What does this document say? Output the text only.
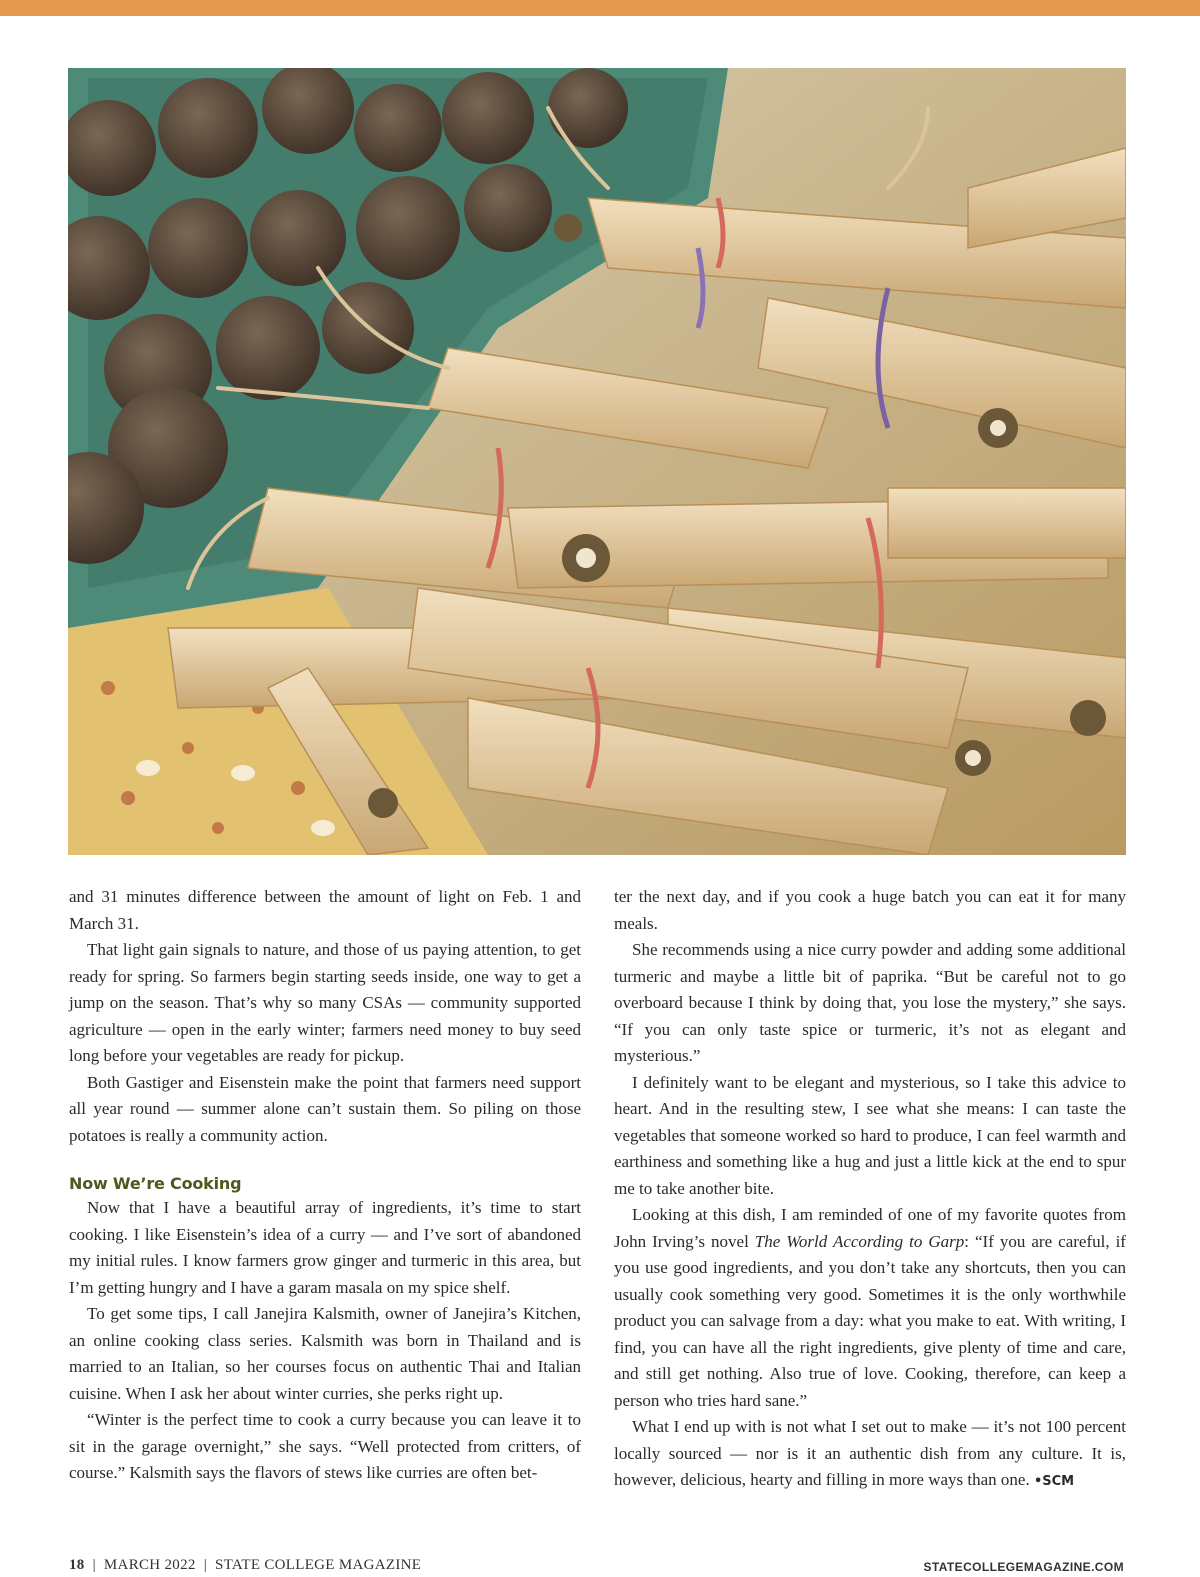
and 31 minutes difference between the amount of light on Feb. 1 and March 31.

That light gain signals to nature, and those of us paying attention, to get ready for spring. So farmers begin starting seeds inside, one way to get a jump on the season. That’s why so many CSAs — community supported agriculture — open in the early winter; farmers need money to buy seed long before your vegetables are ready for pickup.

Both Gastiger and Eisenstein make the point that farmers need support all year round — summer alone can’t sustain them. So piling on those potatoes is really a community action.

Now We’re Cooking

Now that I have a beautiful array of ingredients, it’s time to start cooking. I like Eisenstein’s idea of a curry — and I’ve sort of abandoned my initial rules. I know farmers grow ginger and turmeric in this area, but I’m getting hungry and I have a garam masala on my spice shelf.

To get some tips, I call Janejira Kalsmith, owner of Janejira’s Kitchen, an online cooking class series. Kalsmith was born in Thailand and is married to an Italian, so her courses focus on authentic Thai and Italian cuisine. When I ask her about winter curries, she perks right up.

“Winter is the perfect time to cook a curry because you can leave it to sit in the garage overnight,” she says. “Well protected from critters, of course.” Kalsmith says the flavors of stews like curries are often bet-

ter the next day, and if you cook a huge batch you can eat it for many meals.

She recommends using a nice curry powder and adding some additional turmeric and maybe a little bit of paprika. “But be careful not to go overboard because I think by doing that, you lose the mystery,” she says. “If you can only taste spice or turmeric, it’s not as elegant and mysterious.”

I definitely want to be elegant and mysterious, so I take this advice to heart. And in the resulting stew, I see what she means: I can taste the vegetables that someone worked so hard to produce, I can feel warmth and earthiness and something like a hug and just a little kick at the end to spur me to take another bite.

Looking at this dish, I am reminded of one of my favorite quotes from John Irving’s novel The World According to Garp: “If you are careful, if you use good ingredients, and you don’t take any shortcuts, then you can usually cook something very good. Sometimes it is the only worthwhile product you can salvage from a day: what you make to eat. With writing, I find, you can have all the right ingredients, give plenty of time and care, and still get nothing. Also true of love. Cooking, therefore, can keep a person who tries hard sane.”

What I end up with is not what I set out to make — it’s not 100 percent locally sourced — nor is it an authentic dish from any culture. It is, however, delicious, hearty and filling in more ways than one. •SCM

18 | MARCH 2022 | STATE COLLEGE MAGAZINE	STATECOLLEGEMAGAZINE.COM
